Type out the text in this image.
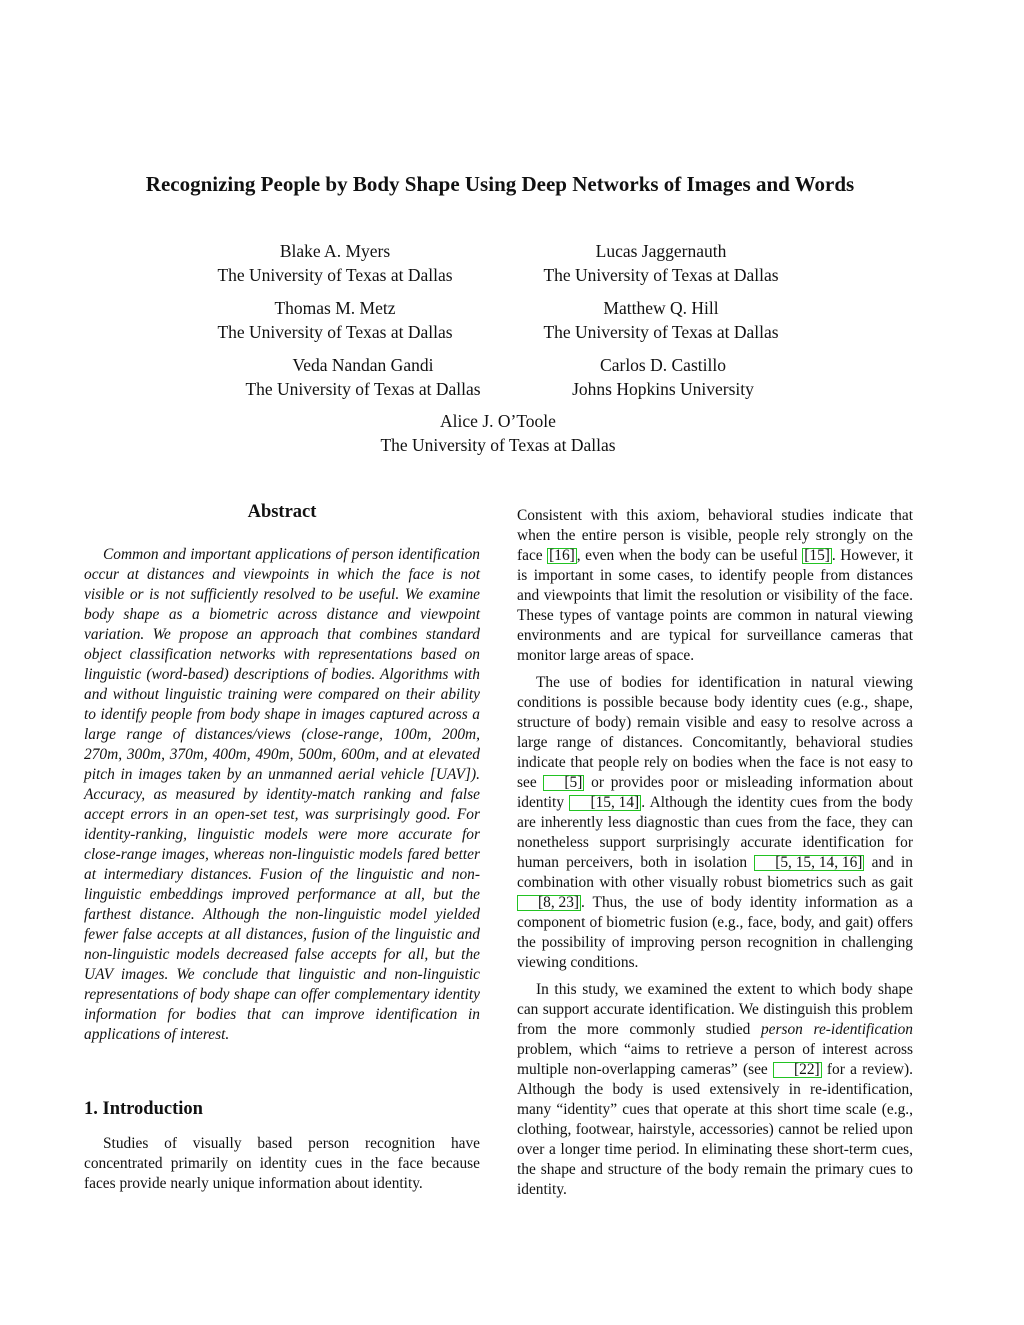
Recognizing People by Body Shape Using Deep Networks of Images and Words
Blake A. Myers
The University of Texas at Dallas
Lucas Jaggernauth
The University of Texas at Dallas
Thomas M. Metz
The University of Texas at Dallas
Matthew Q. Hill
The University of Texas at Dallas
Veda Nandan Gandi
The University of Texas at Dallas
Carlos D. Castillo
Johns Hopkins University
Alice J. O’Toole
The University of Texas at Dallas
Abstract
Common and important applications of person identification occur at distances and viewpoints in which the face is not visible or is not sufficiently resolved to be useful. We examine body shape as a biometric across distance and viewpoint variation. We propose an approach that combines standard object classification networks with representations based on linguistic (word-based) descriptions of bodies. Algorithms with and without linguistic training were compared on their ability to identify people from body shape in images captured across a large range of distances/views (close-range, 100m, 200m, 270m, 300m, 370m, 400m, 490m, 500m, 600m, and at elevated pitch in images taken by an unmanned aerial vehicle [UAV]). Accuracy, as measured by identity-match ranking and false accept errors in an open-set test, was surprisingly good. For identity-ranking, linguistic models were more accurate for close-range images, whereas non-linguistic models fared better at intermediary distances. Fusion of the linguistic and non-linguistic embeddings improved performance at all, but the farthest distance. Although the non-linguistic model yielded fewer false accepts at all distances, fusion of the linguistic and non-linguistic models decreased false accepts for all, but the UAV images. We conclude that linguistic and non-linguistic representations of body shape can offer complementary identity information for bodies that can improve identification in applications of interest.
1. Introduction
Studies of visually based person recognition have concentrated primarily on identity cues in the face because faces provide nearly unique information about identity.

Consistent with this axiom, behavioral studies indicate that when the entire person is visible, people rely strongly on the face [16] , even when the body can be useful [15] . However, it is important in some cases, to identify people from distances and viewpoints that limit the resolution or visibility of the face. These types of vantage points are common in natural viewing environments and are typical for surveillance cameras that monitor large areas of space.

The use of bodies for identification in natural viewing conditions is possible because body identity cues (e.g., shape, structure of body) remain visible and easy to resolve across a large range of distances. Concomitantly, behavioral studies indicate that people rely on bodies when the face is not easy to see [5] or provides poor or misleading information about identity [15, 14] . Although the identity cues from the body are inherently less diagnostic than cues from the face, they can nonetheless support surprisingly accurate identification for human perceivers, both in isolation [5, 15, 14, 16] and in combination with other visually robust biometrics such as gait [8, 23] . Thus, the use of body identity information as a component of biometric fusion (e.g., face, body, and gait) offers the possibility of improving person recognition in challenging viewing conditions.

In this study, we examined the extent to which body shape can support accurate identification. We distinguish this problem from the more commonly studied person re-identification problem, which “aims to retrieve a person of interest across multiple non-overlapping cameras” (see [22] for a review). Although the body is used extensively in re-identification, many “identity” cues that operate at this short time scale (e.g., clothing, footwear, hairstyle, accessories) cannot be relied upon over a longer time period. In eliminating these short-term cues, the shape and structure of the body remain the primary cues to identity.
